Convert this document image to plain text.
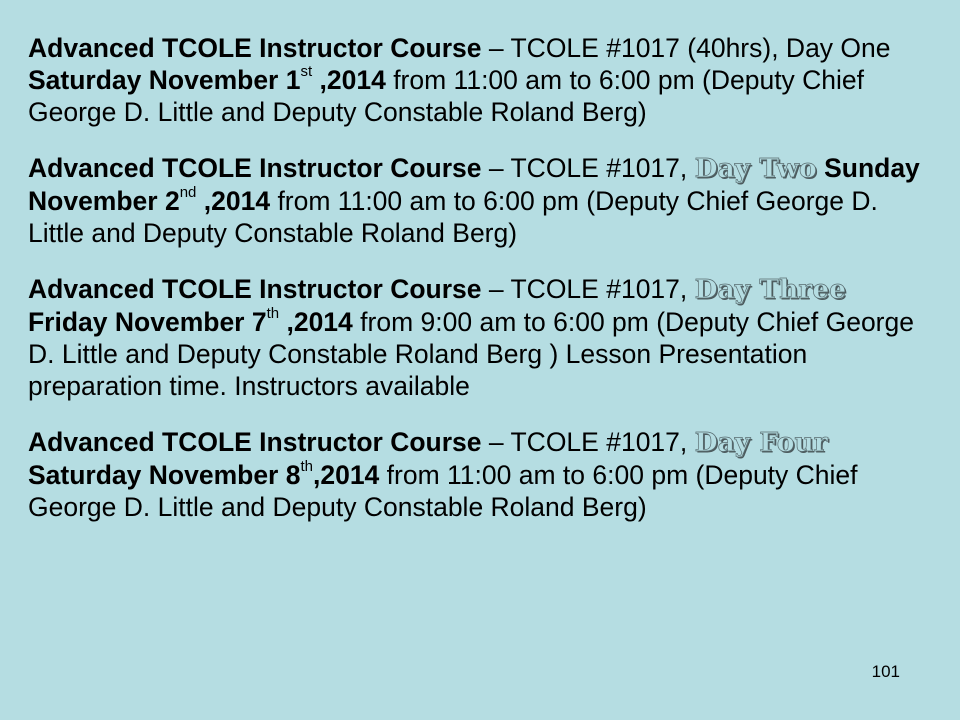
Advanced TCOLE Instructor Course – TCOLE #1017 (40hrs), Day One Saturday November 1st ,2014 from 11:00 am to 6:00 pm (Deputy Chief George D. Little and Deputy Constable Roland Berg)

Advanced TCOLE Instructor Course – TCOLE #1017, Day Two Sunday November 2nd ,2014 from 11:00 am to 6:00 pm (Deputy Chief George D. Little and Deputy Constable Roland Berg)

Advanced TCOLE Instructor Course – TCOLE #1017, Day Three Friday November 7th ,2014 from 9:00 am to 6:00 pm (Deputy Chief George D. Little and Deputy Constable Roland Berg ) Lesson Presentation preparation time. Instructors available

Advanced TCOLE Instructor Course – TCOLE #1017, Day Four Saturday November 8th,2014 from 11:00 am to 6:00 pm (Deputy Chief George D. Little and Deputy Constable Roland Berg)

101
